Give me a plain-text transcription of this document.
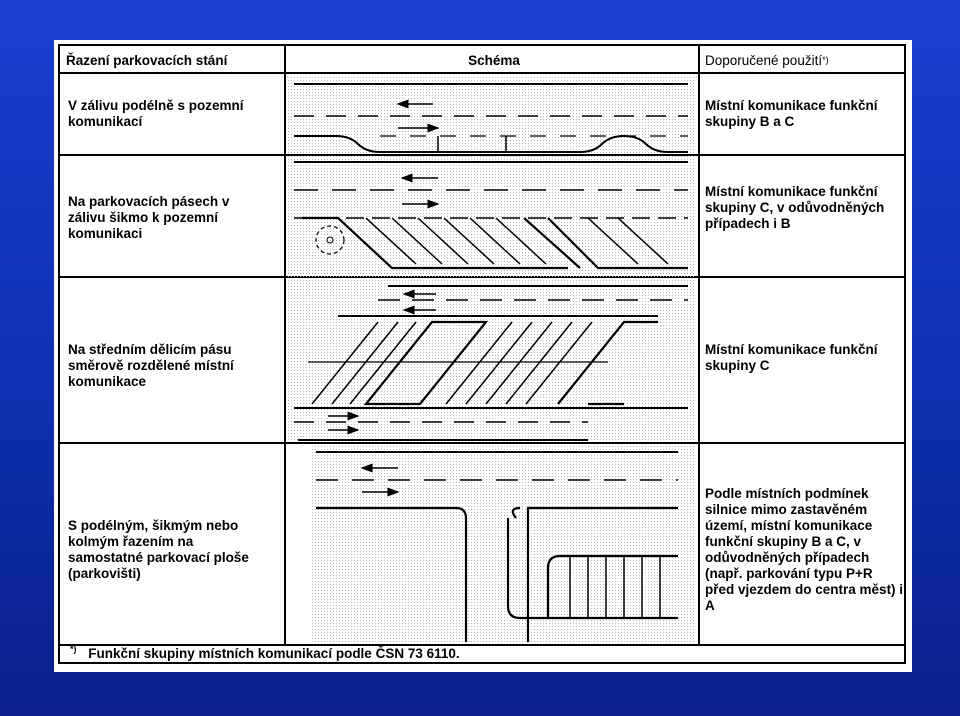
Řazení parkovacích stání	Schéma	Doporučené použití *)
V zálivu podélně s pozemní komunikací
Místní komunikace funkční skupiny B a C
Na parkovacích pásech v zálivu šikmo k pozemní komunikaci
Místní komunikace funkční skupiny C, v odůvodněných případech i B
Na středním dělicím pásu směrově rozdělené místní komunikace
Místní komunikace funkční skupiny C
S podélným, šikmým nebo kolmým řazením na samostatné parkovací ploše (parkovišti)
Podle místních podmínek silnice mimo zastavěném území, místní komunikace funkční skupiny B a C, v odůvodněných případech (např. parkování typu P+R před vjezdem do centra měst) i A
*) Funkční skupiny místních komunikací podle ČSN 73 6110.
